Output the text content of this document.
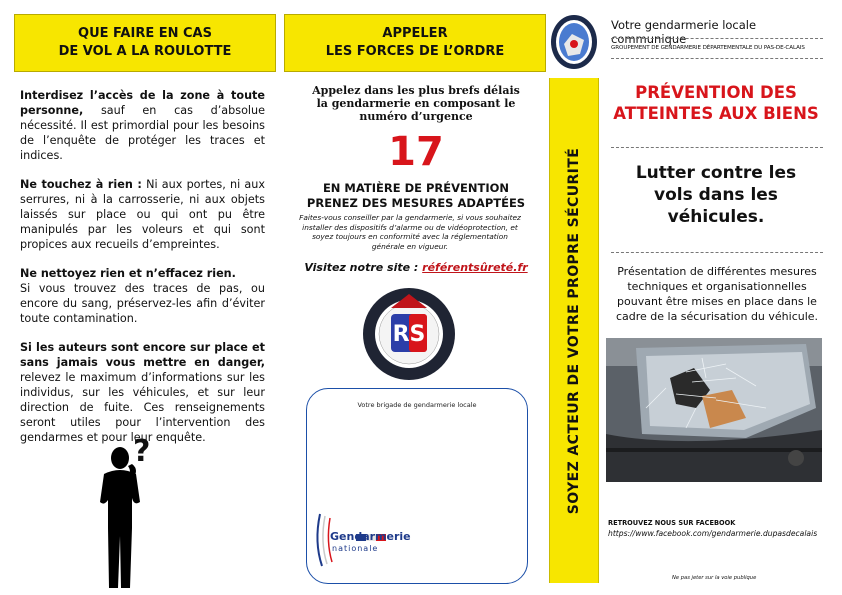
QUE FAIRE EN CAS
DE VOL A LA ROULOTTE

Interdisez l’accès de la zone à toute personne, sauf en cas d’absolue nécessité. Il est primordial pour les besoins de l’enquête de protéger les traces et indices.

Ne touchez à rien : Ni aux portes, ni aux serrures, ni à la carrosserie, ni aux objets laissés sur place ou qui ont pu être manipulés par les voleurs et qui sont propices aux recueils d’empreintes.

Ne nettoyez rien et n’effacez rien.
Si vous trouvez des traces de pas, ou encore du sang, préservez-les afin d’éviter toute contamination.

Si les auteurs sont encore sur place et sans jamais vous mettre en danger, relevez le maximum d’informations sur les individus, sur les véhicules, et sur leur direction de fuite. Ces renseignements seront utiles pour l’intervention des gendarmes et pour leur enquête.

?
APPELER
LES FORCES DE L’ORDRE
Appelez dans les plus brefs délais
la gendarmerie en composant le
numéro d’urgence
17
EN MATIÈRE DE PRÉVENTION
PRENEZ DES MESURES ADAPTÉES
Faites-vous conseiller par la gendarmerie, si vous souhaitez installer des dispositifs d’alarme ou de vidéoprotection, et soyez toujours en conformité avec la réglementation générale en vigueur.
Visitez notre site : référentsûreté.fr
RS
Votre brigade de gendarmerie locale
Gendarmerie
nationale
SOYEZ ACTEUR DE VOTRE PROPRE SÉCURITÉ
Votre gendarmerie locale communique
GROUPEMENT DE GENDARMERIE DÉPARTEMENTALE DU PAS-DE-CALAIS
PRÉVENTION DES
ATTEINTES AUX BIENS
Lutter contre les
vols dans les
véhicules.
Présentation de différentes mesures techniques et organisationnelles pouvant être mises en place dans le cadre de la sécurisation du véhicule.
RETROUVEZ NOUS SUR FACEBOOK
https://www.facebook.com/gendarmerie.dupasdecalais
Ne pas jeter sur la voie publique
